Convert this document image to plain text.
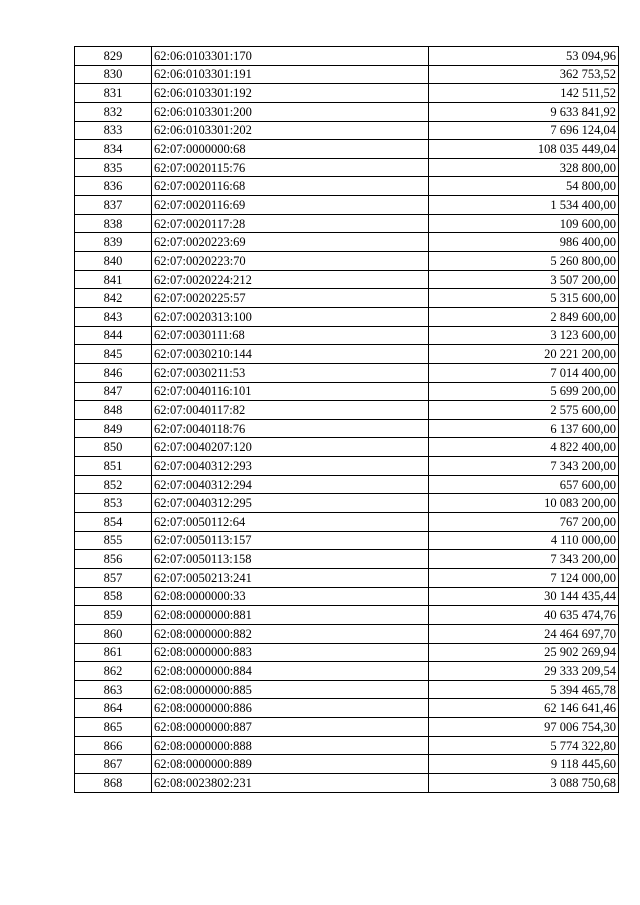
829	62:06:0103301:170	53 094,96
830	62:06:0103301:191	362 753,52
831	62:06:0103301:192	142 511,52
832	62:06:0103301:200	9 633 841,92
833	62:06:0103301:202	7 696 124,04
834	62:07:0000000:68	108 035 449,04
835	62:07:0020115:76	328 800,00
836	62:07:0020116:68	54 800,00
837	62:07:0020116:69	1 534 400,00
838	62:07:0020117:28	109 600,00
839	62:07:0020223:69	986 400,00
840	62:07:0020223:70	5 260 800,00
841	62:07:0020224:212	3 507 200,00
842	62:07:0020225:57	5 315 600,00
843	62:07:0020313:100	2 849 600,00
844	62:07:0030111:68	3 123 600,00
845	62:07:0030210:144	20 221 200,00
846	62:07:0030211:53	7 014 400,00
847	62:07:0040116:101	5 699 200,00
848	62:07:0040117:82	2 575 600,00
849	62:07:0040118:76	6 137 600,00
850	62:07:0040207:120	4 822 400,00
851	62:07:0040312:293	7 343 200,00
852	62:07:0040312:294	657 600,00
853	62:07:0040312:295	10 083 200,00
854	62:07:0050112:64	767 200,00
855	62:07:0050113:157	4 110 000,00
856	62:07:0050113:158	7 343 200,00
857	62:07:0050213:241	7 124 000,00
858	62:08:0000000:33	30 144 435,44
859	62:08:0000000:881	40 635 474,76
860	62:08:0000000:882	24 464 697,70
861	62:08:0000000:883	25 902 269,94
862	62:08:0000000:884	29 333 209,54
863	62:08:0000000:885	5 394 465,78
864	62:08:0000000:886	62 146 641,46
865	62:08:0000000:887	97 006 754,30
866	62:08:0000000:888	5 774 322,80
867	62:08:0000000:889	9 118 445,60
868	62:08:0023802:231	3 088 750,68
